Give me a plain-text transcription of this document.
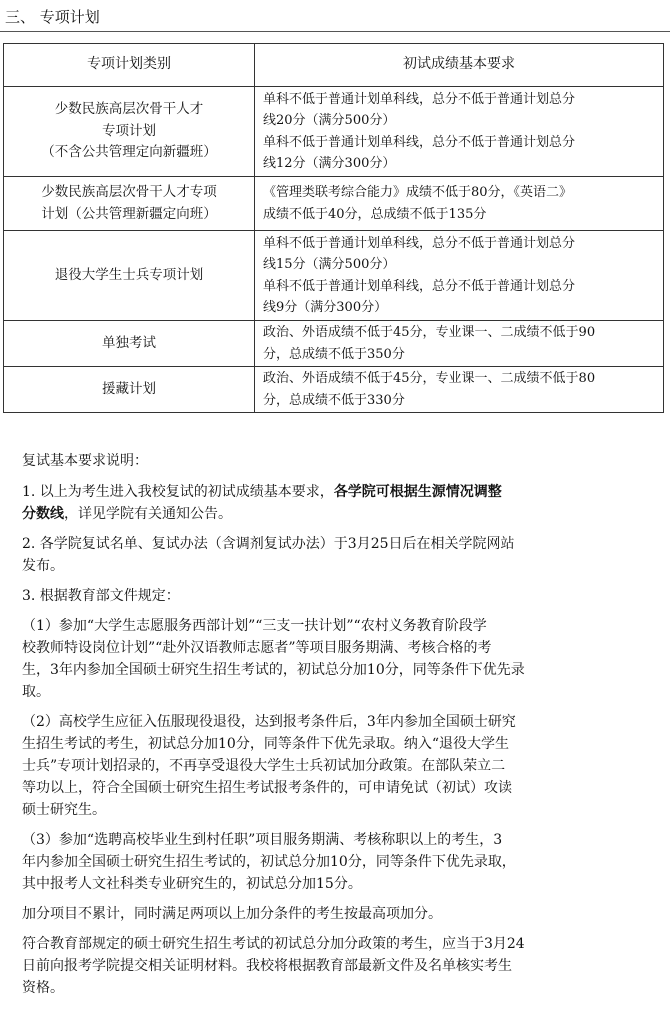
三、 专项计划
专项计划类别	初试成绩基本要求

少数民族高层次骨干人才
专项计划
（不含公共管理定向新疆班）	单科不低于普通计划单科线，总分不低于普通计划总分
线20分（满分500分）
单科不低于普通计划单科线，总分不低于普通计划总分
线12分（满分300分）

少数民族高层次骨干人才专项
计划（公共管理新疆定向班）	《管理类联考综合能力》成绩不低于80分，《英语二》
成绩不低于40分，总成绩不低于135分

退役大学生士兵专项计划	单科不低于普通计划单科线，总分不低于普通计划总分
线15分（满分500分）
单科不低于普通计划单科线，总分不低于普通计划总分
线9分（满分300分）

单独考试	政治、外语成绩不低于45分，专业课一、二成绩不低于90
分，总成绩不低于350分

援藏计划	政治、外语成绩不低于45分，专业课一、二成绩不低于80
分，总成绩不低于330分

复试基本要求说明：

1. 以上为考生进入我校复试的初试成绩基本要求，各学院可根据生源情况调整
分数线，详见学院有关通知公告。

2. 各学院复试名单、复试办法（含调剂复试办法）于3月25日后在相关学院网站
发布。

3. 根据教育部文件规定：

（1）参加“大学生志愿服务西部计划”“三支一扶计划”“农村义务教育阶段学
校教师特设岗位计划”“赴外汉语教师志愿者”等项目服务期满、考核合格的考
生，3年内参加全国硕士研究生招生考试的，初试总分加10分，同等条件下优先录
取。

（2）高校学生应征入伍服现役退役，达到报考条件后，3年内参加全国硕士研究
生招生考试的考生，初试总分加10分，同等条件下优先录取。纳入“退役大学生
士兵”专项计划招录的，不再享受退役大学生士兵初试加分政策。在部队荣立二
等功以上，符合全国硕士研究生招生考试报考条件的，可申请免试（初试）攻读
硕士研究生。

（3）参加“选聘高校毕业生到村任职”项目服务期满、考核称职以上的考生，3
年内参加全国硕士研究生招生考试的，初试总分加10分，同等条件下优先录取，
其中报考人文社科类专业研究生的，初试总分加15分。

加分项目不累计，同时满足两项以上加分条件的考生按最高项加分。

符合教育部规定的硕士研究生招生考试的初试总分加分政策的考生，应当于3月24
日前向报考学院提交相关证明材料。我校将根据教育部最新文件及名单核实考生
资格。
